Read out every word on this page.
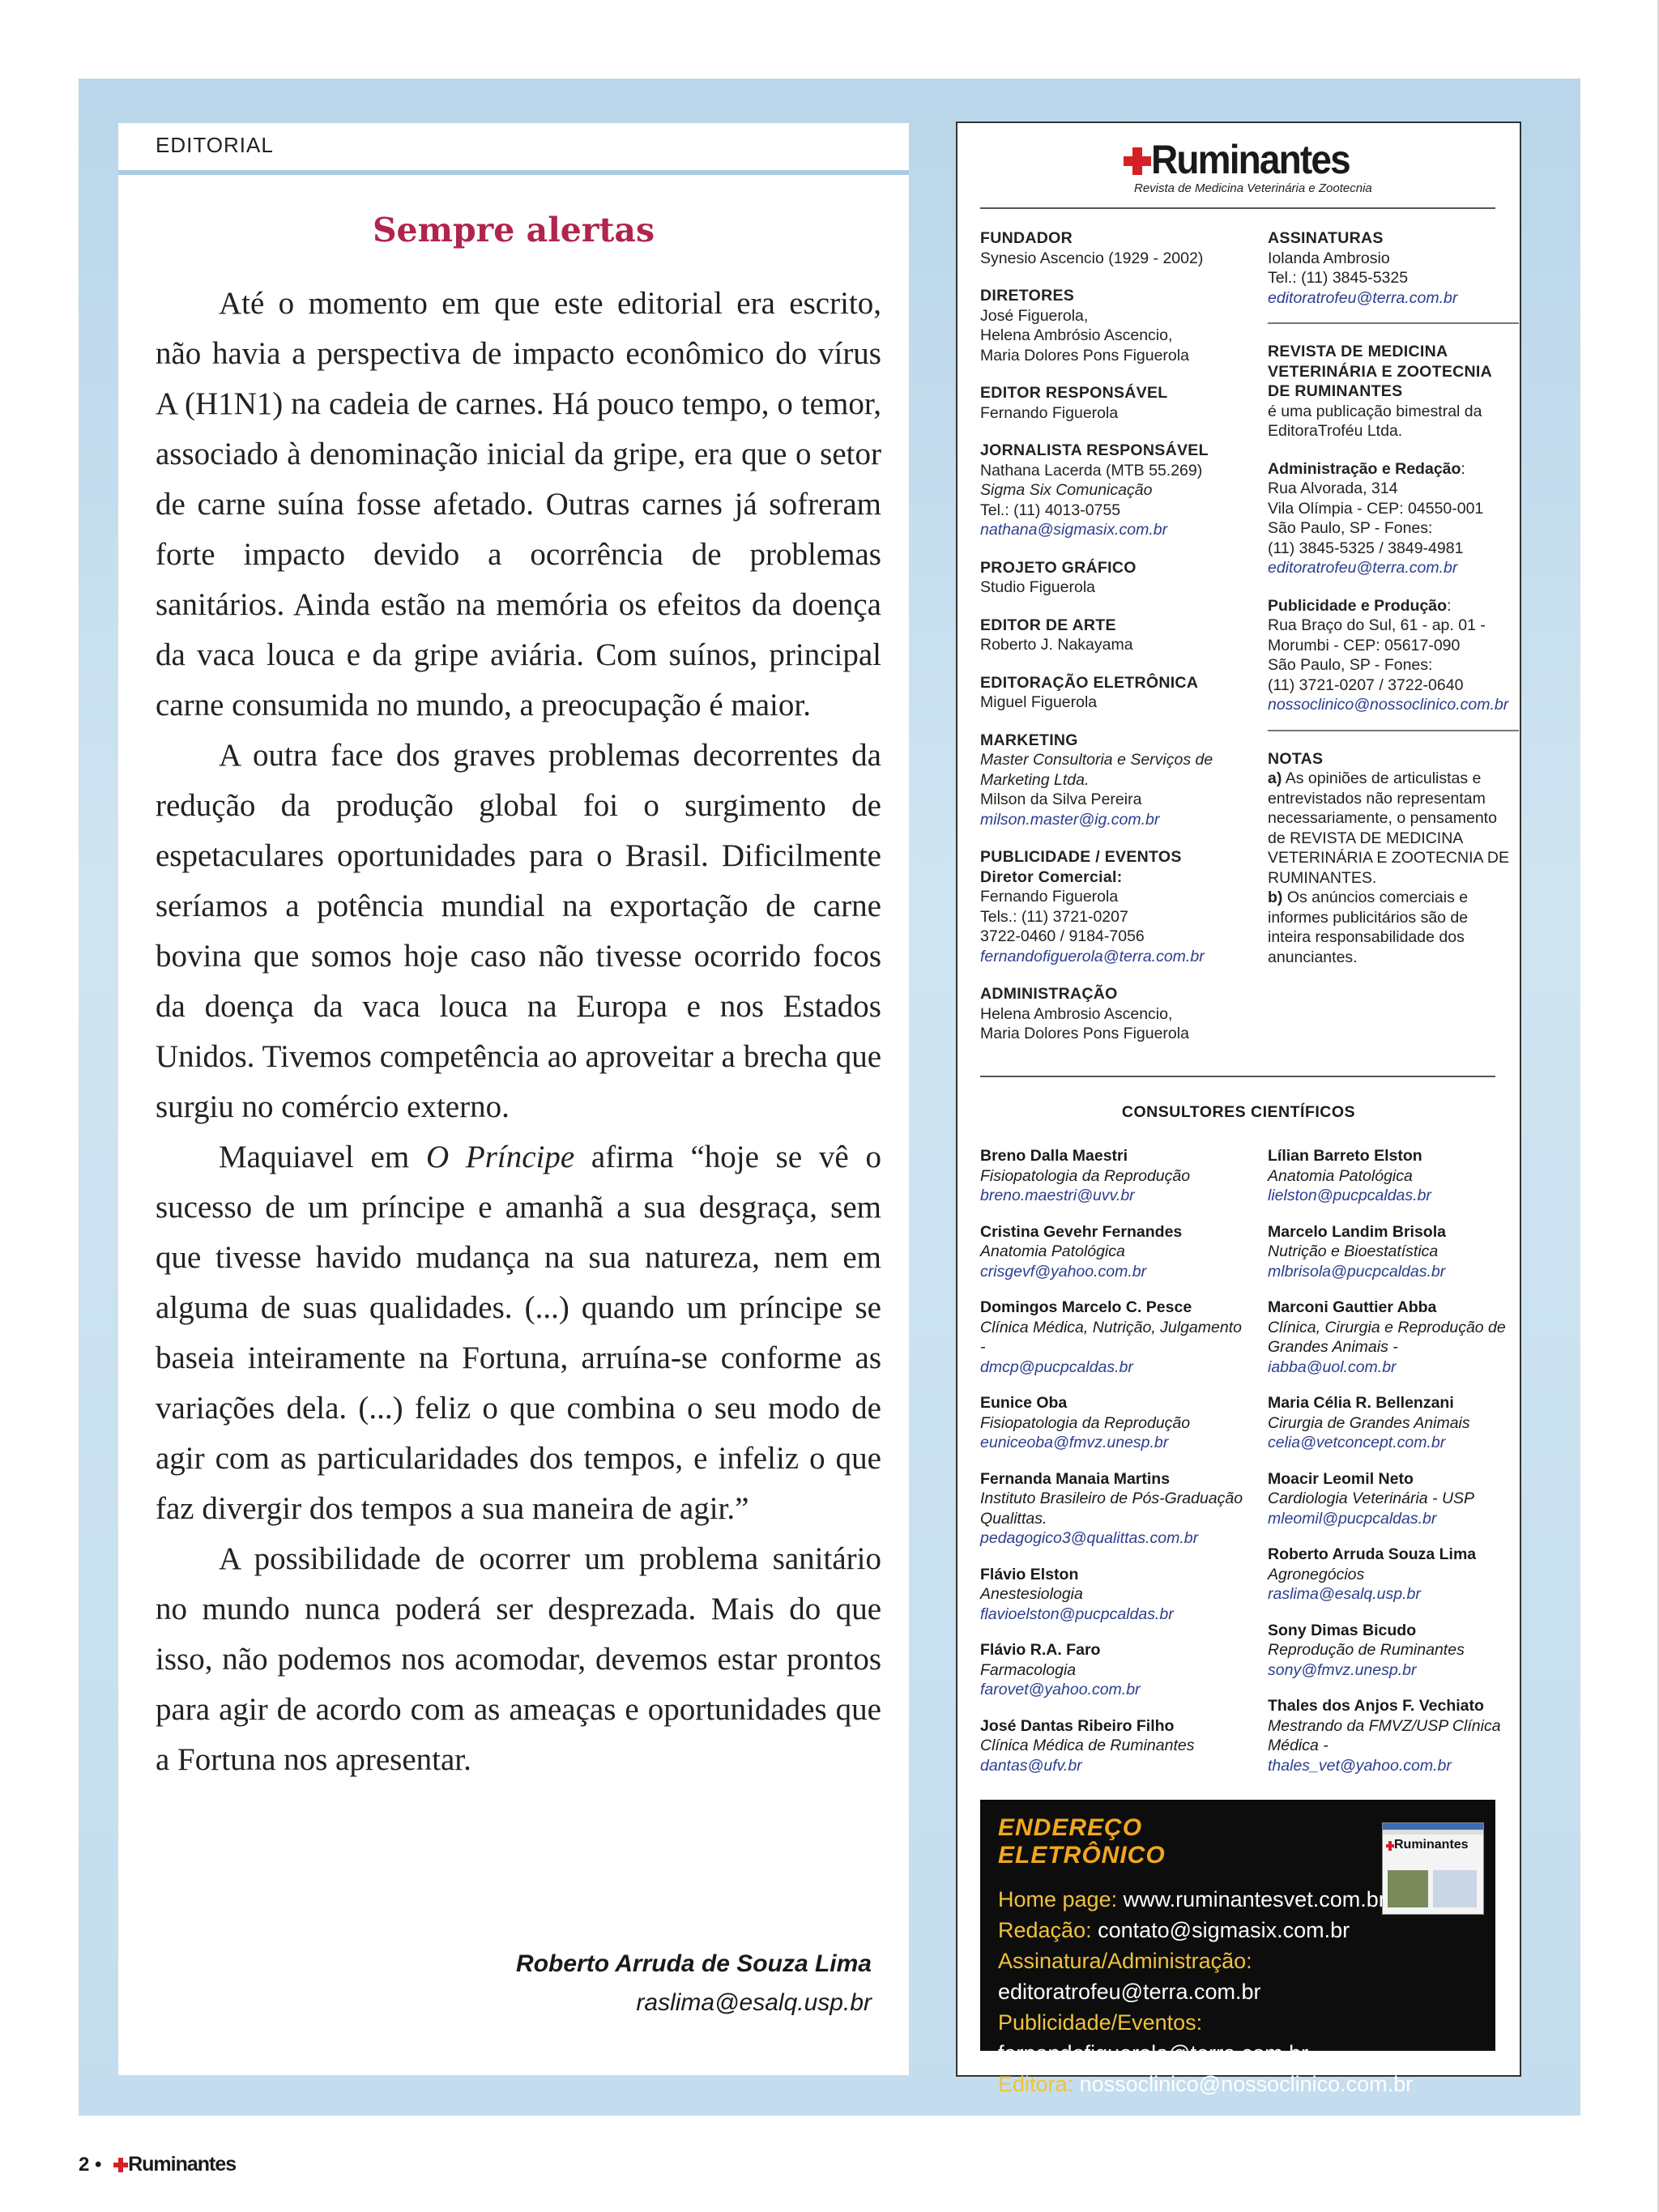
EDITORIAL
Sempre alertas

Até o momento em que este editorial era escrito, não havia a perspectiva de impacto econômico do vírus A (H1N1) na cadeia de carnes. Há pouco tempo, o temor, associado à denominação inicial da gripe, era que o setor de carne suína fosse afetado. Outras carnes já sofreram forte impacto devido a ocorrência de problemas sanitários. Ainda estão na memória os efeitos da doença da vaca louca e da gripe aviária. Com suínos, principal carne consumida no mundo, a preocupação é maior.

A outra face dos graves problemas decorrentes da redução da produção global foi o surgimento de espetaculares oportunidades para o Brasil. Dificilmente seríamos a potência mundial na exportação de carne bovina que somos hoje caso não tivesse ocorrido focos da doença da vaca louca na Europa e nos Estados Unidos. Tivemos competência ao aproveitar a brecha que surgiu no comércio externo.

Maquiavel em O Príncipe afirma “hoje se vê o sucesso de um príncipe e amanhã a sua desgraça, sem que tivesse havido mudança na sua natureza, nem em alguma de suas qualidades. (...) quando um príncipe se baseia inteiramente na Fortuna, arruína-se conforme as variações dela. (...) feliz o que combina o seu modo de agir com as particularidades dos tempos, e infeliz o que faz divergir dos tempos a sua maneira de agir.”

A possibilidade de ocorrer um problema sanitário no mundo nunca poderá ser desprezada. Mais do que isso, não podemos nos acomodar, devemos estar prontos para agir de acordo com as ameaças e oportunidades que a Fortuna nos apresentar.

Roberto Arruda de Souza Lima
raslima@esalq.usp.br
Ruminantes
Revista de Medicina Veterinária e Zootecnia
FUNDADOR
Synesio Ascencio (1929 - 2002)
DIRETORES
José Figuerola,
Helena Ambrósio Ascencio,
Maria Dolores Pons Figuerola
EDITOR RESPONSÁVEL
Fernando Figuerola
JORNALISTA RESPONSÁVEL
Nathana Lacerda (MTB 55.269)
Sigma Six Comunicação
Tel.: (11) 4013-0755
nathana@sigmasix.com.br
PROJETO GRÁFICO
Studio Figuerola
EDITOR DE ARTE
Roberto J. Nakayama
EDITORAÇÃO ELETRÔNICA
Miguel Figuerola
MARKETING
Master Consultoria e Serviços de Marketing Ltda.
Milson da Silva Pereira
milson.master@ig.com.br
PUBLICIDADE / EVENTOS
Diretor Comercial:
Fernando Figuerola
Tels.: (11) 3721-0207
3722-0460 / 9184-7056
fernandofiguerola@terra.com.br
ADMINISTRAÇÃO
Helena Ambrosio Ascencio,
Maria Dolores Pons Figuerola
ASSINATURAS
Iolanda Ambrosio
Tel.: (11) 3845-5325
editoratrofeu@terra.com.br
REVISTA DE MEDICINA VETERINÁRIA E ZOOTECNIA DE RUMINANTES
é uma publicação bimestral da EditoraTroféu Ltda.
Administração e Redação:
Rua Alvorada, 314
Vila Olímpia - CEP: 04550-001
São Paulo, SP - Fones:
(11) 3845-5325 / 3849-4981
editoratrofeu@terra.com.br
Publicidade e Produção:
Rua Braço do Sul, 61 - ap. 01 -
Morumbi - CEP: 05617-090
São Paulo, SP - Fones:
(11) 3721-0207 / 3722-0640
nossoclinico@nossoclinico.com.br
NOTAS
a) As opiniões de articulistas e entrevistados não representam necessariamente, o pensamento de REVISTA DE MEDICINA VETERINÁRIA E ZOOTECNIA DE RUMINANTES.
b) Os anúncios comerciais e informes publicitários são de inteira responsabilidade dos anunciantes.
CONSULTORES CIENTÍFICOS
Breno Dalla Maestri
Fisiopatologia da Reprodução
breno.maestri@uvv.br
Cristina Gevehr Fernandes
Anatomia Patológica
crisgevf@yahoo.com.br
Domingos Marcelo C. Pesce
Clínica Médica, Nutrição, Julgamento -
dmcp@pucpcaldas.br
Eunice Oba
Fisiopatologia da Reprodução
euniceoba@fmvz.unesp.br
Fernanda Manaia Martins
Instituto Brasileiro de Pós-Graduação Qualittas.
pedagogico3@qualittas.com.br
Flávio Elston
Anestesiologia
flavioelston@pucpcaldas.br
Flávio R.A. Faro
Farmacologia
farovet@yahoo.com.br
José Dantas Ribeiro Filho
Clínica Médica de Ruminantes
dantas@ufv.br
Lílian Barreto Elston
Anatomia Patológica
lielston@pucpcaldas.br
Marcelo Landim Brisola
Nutrição e Bioestatística
mlbrisola@pucpcaldas.br
Marconi Gauttier Abba
Clínica, Cirurgia e Reprodução de Grandes Animais -
iabba@uol.com.br
Maria Célia R. Bellenzani
Cirurgia de Grandes Animais
celia@vetconcept.com.br
Moacir Leomil Neto
Cardiologia Veterinária - USP
mleomil@pucpcaldas.br
Roberto Arruda Souza Lima
Agronegócios
raslima@esalq.usp.br
Sony Dimas Bicudo
Reprodução de Ruminantes
sony@fmvz.unesp.br
Thales dos Anjos F. Vechiato
Mestrando da FMVZ/USP Clínica Médica -
thales_vet@yahoo.com.br
ENDEREÇO
ELETRÔNICO	Ruminantes
Home page: www.ruminantesvet.com.br
Redação: contato@sigmasix.com.br
Assinatura/Administração: editoratrofeu@terra.com.br
Publicidade/Eventos: fernandofiguerola@terra.com.br
Editora: nossoclinico@nossoclinico.com.br
2 • Ruminantes
